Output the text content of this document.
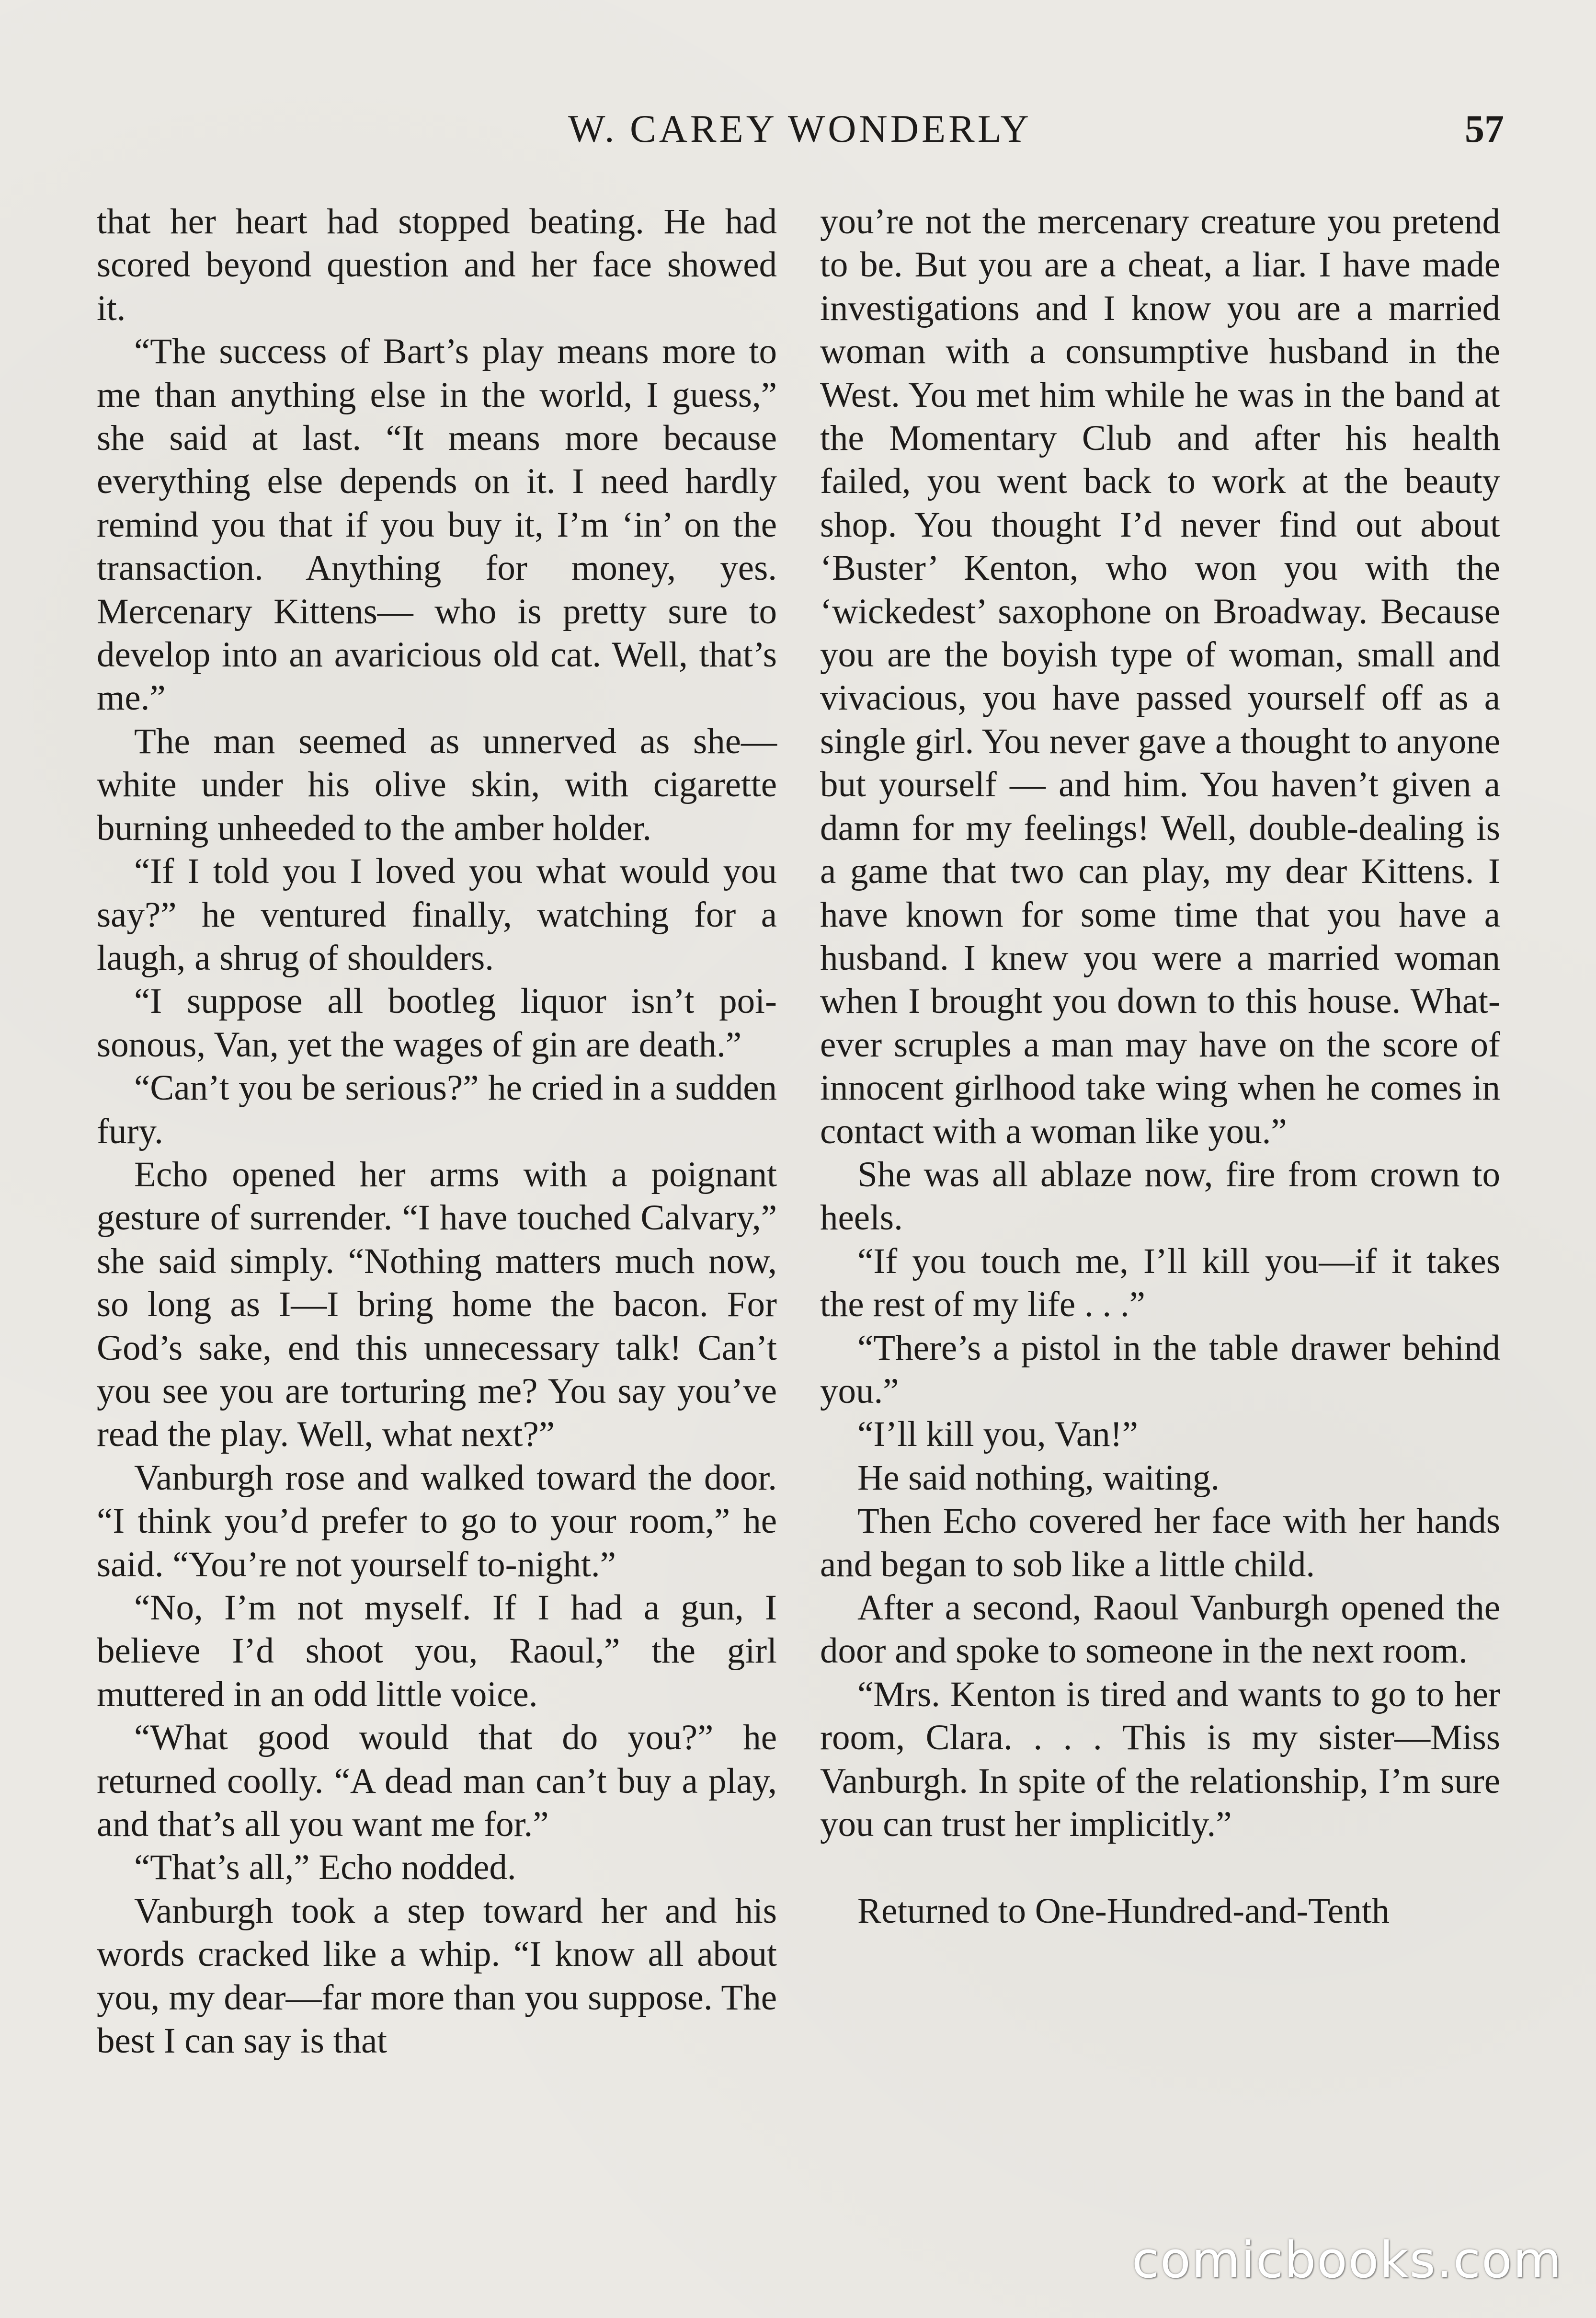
W. CAREY WONDERLY	57

that her heart had stopped beating. He had scored beyond question and her face showed it.

“The success of Bart’s play means more to me than anything else in the world, I guess,” she said at last. “It means more because everything else depends on it. I need hardly remind you that if you buy it, I’m ‘in’ on the transaction. Anything for money, yes. Mercenary Kittens— who is pretty sure to develop into an avaricious old cat. Well, that’s me.”

The man seemed as unnerved as she— white under his olive skin, with cigarette burning unheeded to the amber holder.

“If I told you I loved you what would you say?” he ventured finally, watching for a laugh, a shrug of shoulders.

“I suppose all bootleg liquor isn’t poisonous, Van, yet the wages of gin are death.”

“Can’t you be serious?” he cried in a sudden fury.

Echo opened her arms with a poignant gesture of surrender. “I have touched Calvary,” she said simply. “Nothing matters much now, so long as I—I bring home the bacon. For God’s sake, end this unnecessary talk! Can’t you see you are torturing me? You say you’ve read the play. Well, what next?”

Vanburgh rose and walked toward the door. “I think you’d prefer to go to your room,” he said. “You’re not yourself to-night.”

“No, I’m not myself. If I had a gun, I believe I’d shoot you, Raoul,” the girl muttered in an odd little voice.

“What good would that do you?” he returned coolly. “A dead man can’t buy a play, and that’s all you want me for.”

“That’s all,” Echo nodded.

Vanburgh took a step toward her and his words cracked like a whip. “I know all about you, my dear—far more than you suppose. The best I can say is that

you’re not the mercenary creature you pretend to be. But you are a cheat, a liar. I have made investigations and I know you are a married woman with a consumptive husband in the West. You met him while he was in the band at the Momentary Club and after his health failed, you went back to work at the beauty shop. You thought I’d never find out about ‘Buster’ Kenton, who won you with the ‘wickedest’ saxophone on Broadway. Because you are the boyish type of woman, small and vivacious, you have passed yourself off as a single girl. You never gave a thought to anyone but yourself — and him. You haven’t given a damn for my feelings! Well, double-dealing is a game that two can play, my dear Kittens. I have known for some time that you have a husband. I knew you were a married woman when I brought you down to this house. Whatever scruples a man may have on the score of innocent girlhood take wing when he comes in contact with a woman like you.”

She was all ablaze now, fire from crown to heels.

“If you touch me, I’ll kill you—if it takes the rest of my life . . .”

“There’s a pistol in the table drawer behind you.”

“I’ll kill you, Van!”

He said nothing, waiting.

Then Echo covered her face with her hands and began to sob like a little child.

After a second, Raoul Vanburgh opened the door and spoke to someone in the next room.

“Mrs. Kenton is tired and wants to go to her room, Clara. . . . This is my sister—Miss Vanburgh. In spite of the relationship, I’m sure you can trust her implicitly.”

Returned to One-Hundred-and-Tenth

comicbooks.com
